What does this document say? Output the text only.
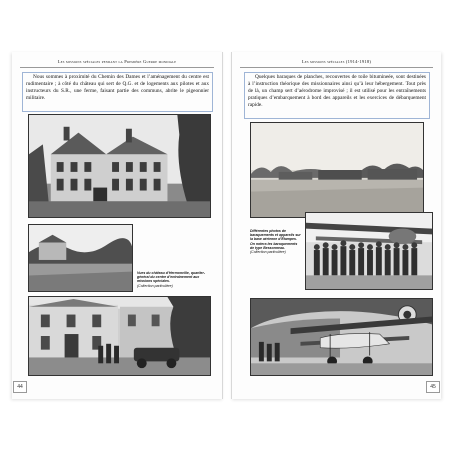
Les missions spéciales pendant la Première Guerre mondiale
Nous sommes à proximité du Chemin des Dames et l’aménagement du centre est rudimentaire ; à côté du château qui sert de Q.G. et de logements aux pilotes et aux instructeurs du S.R., une ferme, faisant partie des communs, abrite le pigeonnier militaire.
Vues du château d’Hermonville, quartier-général du centre d’entraînement aux missions spéciales.
(Collection particulière)
44
Les missions spéciales (1914-1918)
Quelques baraques de planches, recouvertes de toile bitumineée, sont destinées à l’instruction théorique des missionnaires ainsi qu’à leur hébergement. Tout près de là, un champ sert d’aérodrome improvisé ; il est utilisé pour les entraînements pratiques d’embarquement à bord des appareils et les exercices de débarquement rapide.
Différentes photos de baraquements et appareils sur la base aérienne d’Étampes. On notera les baraquements de type Bessonneau.
(Collection particulière)
45
